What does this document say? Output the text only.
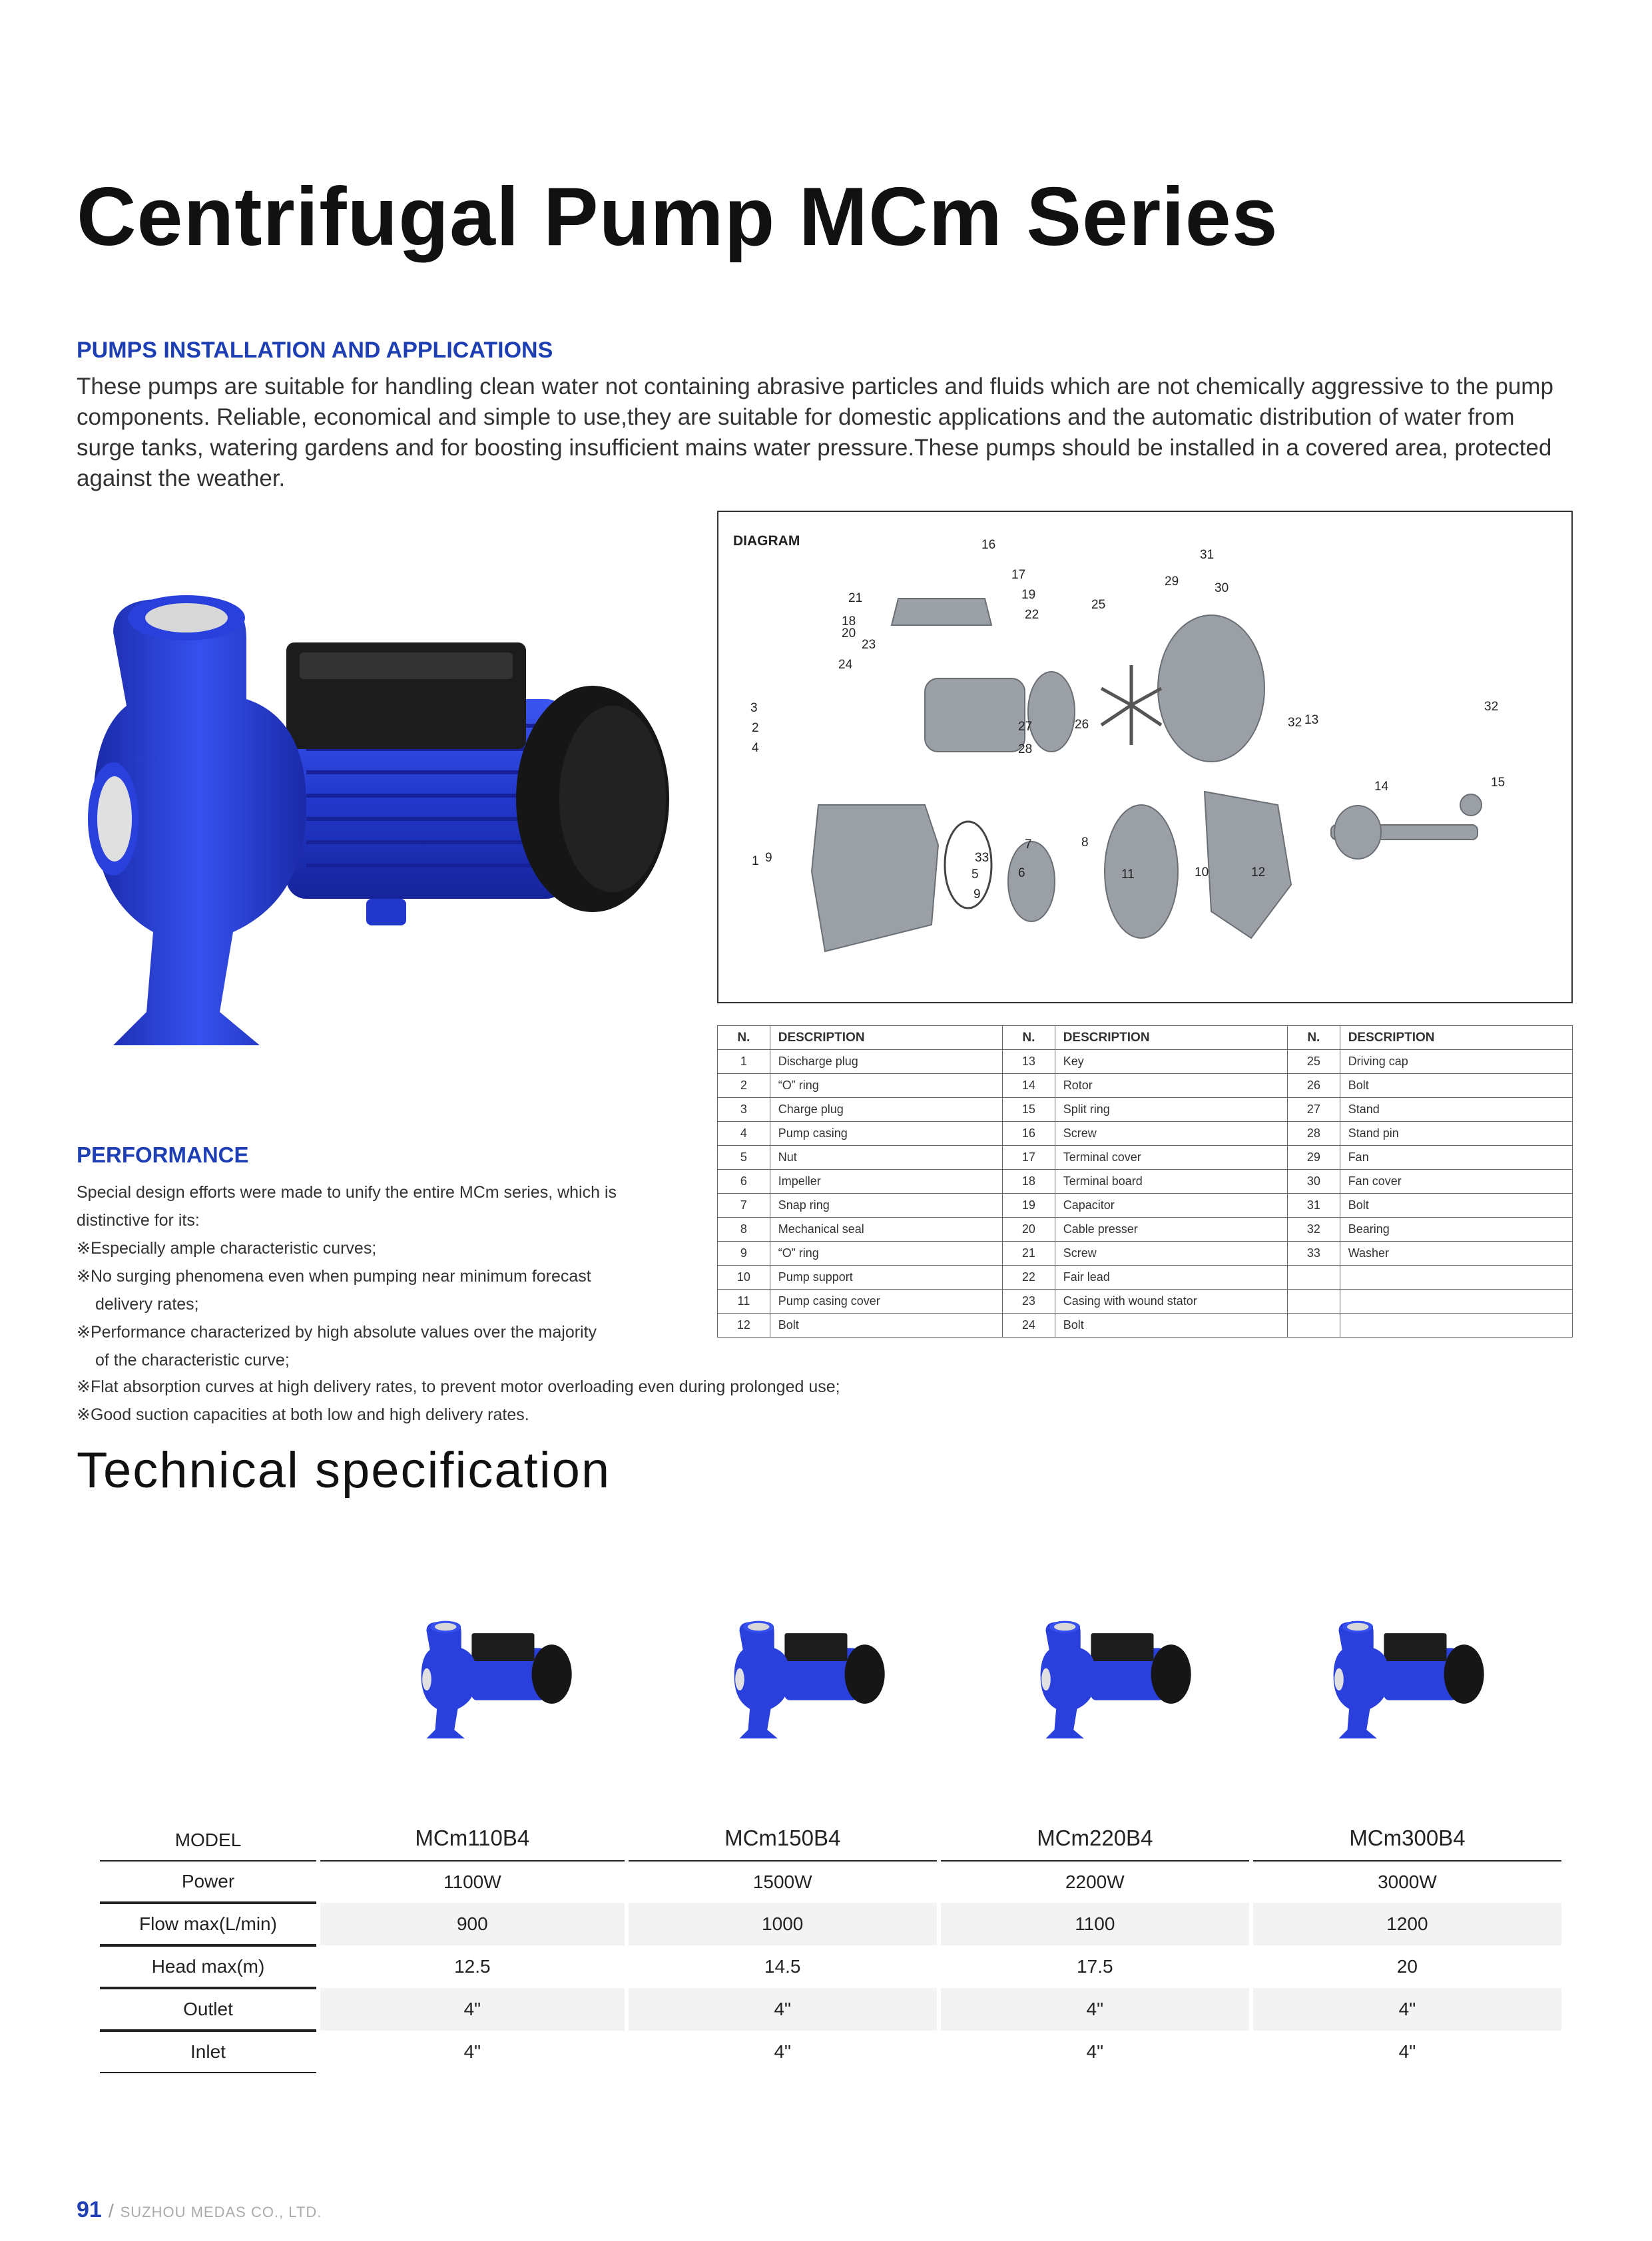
Centrifugal Pump MCm Series
PUMPS INSTALLATION AND APPLICATIONS
These pumps are suitable for handling clean water not containing abrasive particles and fluids which are not chemically aggressive to the pump components. Reliable, economical and simple to use,they are suitable for domestic applications and the automatic distribution of water from surge tanks, watering gardens and for boosting insufficient mains water pressure.These pumps should be installed in a covered area, protected against the weather.
DIAGRAM	16
17
31
30
29
19
21
22
18
25
20
23
24
3	32
2	27	26	32 13
4	28
14	15
33
7	8
1 9
5	6	11	10	12
9
N.	DESCRIPTION	N.	DESCRIPTION	N.	DESCRIPTION
1	Discharge plug	13	Key	25	Driving cap
2	“O” ring	14	Rotor	26	Bolt
3	Charge plug	15	Split ring	27	Stand
4	Pump casing	16	Screw	28	Stand pin
5	Nut	17	Terminal cover	29	Fan
6	Impeller	18	Terminal board	30	Fan cover
7	Snap ring	19	Capacitor	31	Bolt
8	Mechanical seal	20	Cable presser	32	Bearing
9	“O” ring	21	Screw	33	Washer
10	Pump support	22	Fair lead		
11	Pump casing cover	23	Casing with wound stator		
12	Bolt	24	Bolt		
PERFORMANCE
Special design efforts were made to unify the entire MCm series, which is
distinctive for its:
※Especially ample characteristic curves;
※No surging phenomena even when pumping near minimum forecast
delivery rates;
※Performance characterized by high absolute values over the majority
of the characteristic curve;
※Flat absorption curves at high delivery rates, to prevent motor overloading even during prolonged use;
※Good suction capacities at both low and high delivery rates.
Technical specification
MODEL		MCm110B4		MCm150B4		MCm220B4		MCm300B4
Power		1100W		1500W		2200W		3000W
Flow max(L/min)		900		1000		1100		1200
Head max(m)		12.5		14.5		17.5		20
Outlet		4"		4"		4"		4"
Inlet		4"		4"		4"		4"
91 / SUZHOU MEDAS CO., LTD.
